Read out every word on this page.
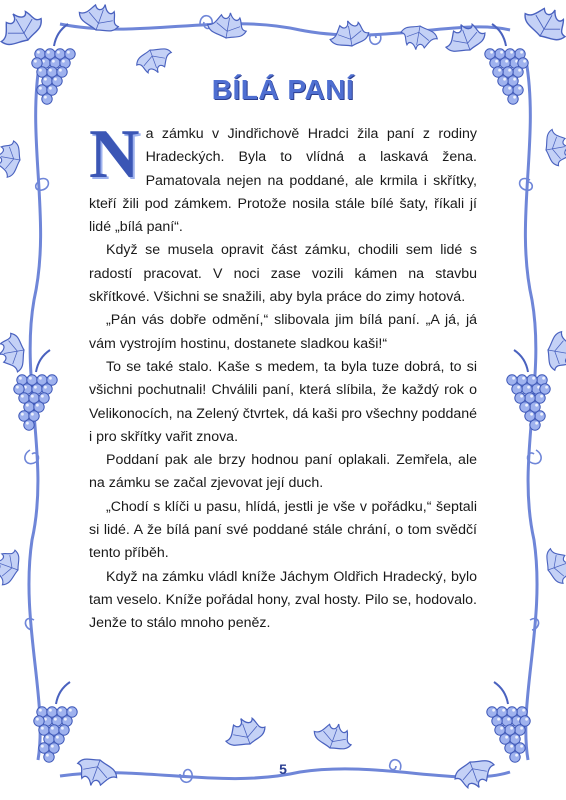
BÍLÁ PANÍ

Na zámku v Jindřichově Hradci žila paní z rodiny Hradeckých. Byla to vlídná a laskavá žena. Pamatovala nejen na poddané, ale krmila i skřítky, kteří žili pod zámkem. Protože nosila stále bílé šaty, říkali jí lidé „bílá paní“.

Když se musela opravit část zámku, chodili sem lidé s radostí pracovat. V noci zase vozili kámen na stavbu skřítkové. Všichni se snažili, aby byla práce do zimy hotová.

„Pán vás dobře odmění,“ slibovala jim bílá paní. „A já, já vám vystrojím hostinu, dostanete sladkou kaši!“

To se také stalo. Kaše s medem, ta byla tuze dobrá, to si všichni pochutnali! Chválili paní, která slíbila, že každý rok o Velikonocích, na Zelený čtvrtek, dá kaši pro všechny poddané i pro skřítky vařit znova.

Poddaní pak ale brzy hodnou paní oplakali. Zemřela, ale na zámku se začal zjevovat její duch.

„Chodí s klíči u pasu, hlídá, jestli je vše v pořádku,“ šeptali si lidé. A že bílá paní své poddané stále chrání, o tom svědčí tento příběh.

Když na zámku vládl kníže Jáchym Oldřich Hradecký, bylo tam veselo. Kníže pořádal hony, zval hosty. Pilo se, hodovalo. Jenže to stálo mnoho peněz.

5
